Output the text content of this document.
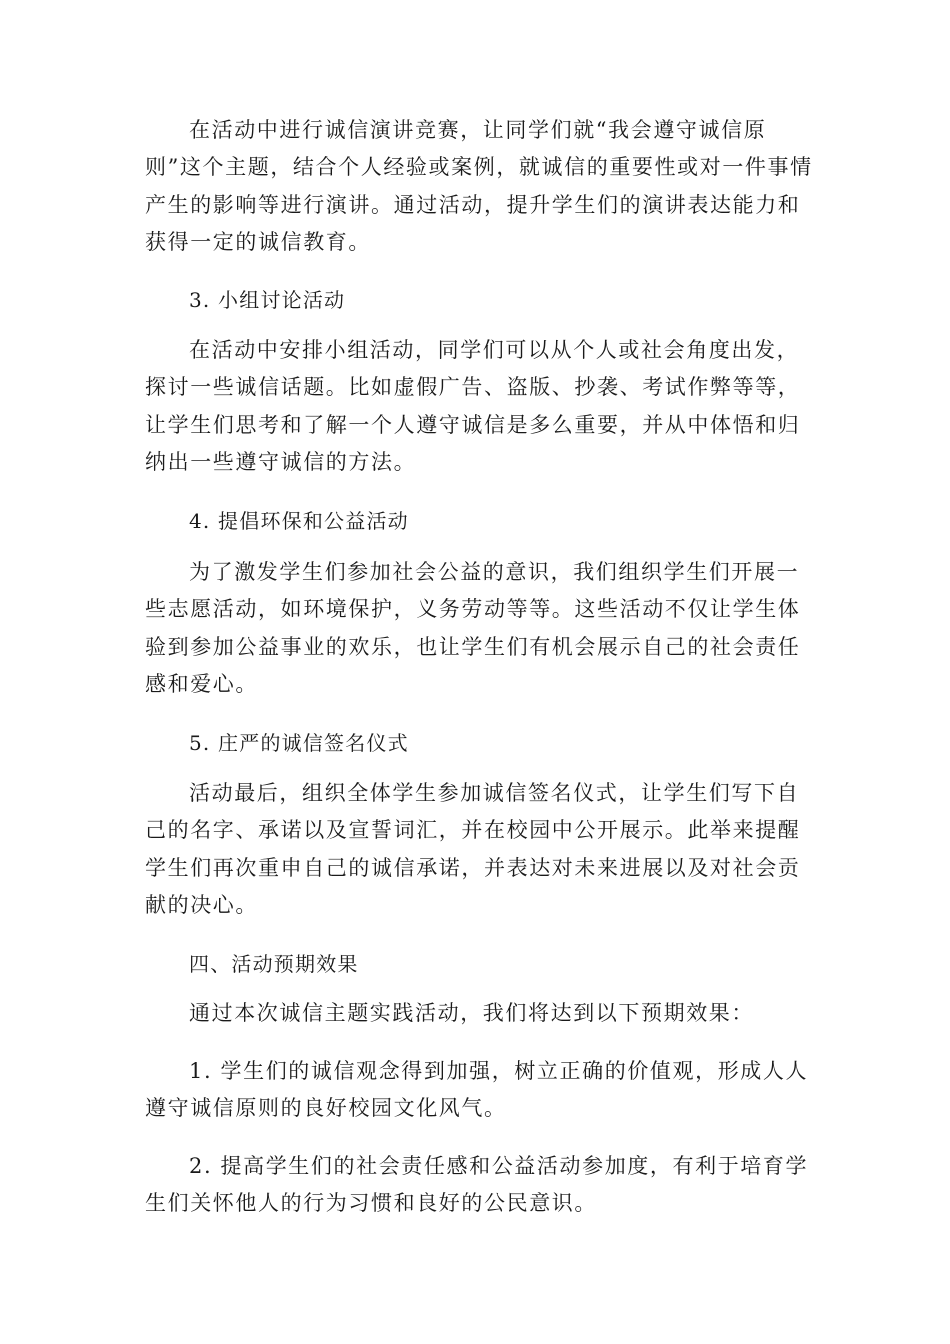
在活动中进行诚信演讲竞赛，让同学们就“我会遵守诚信原则”这个主题，结合个人经验或案例，就诚信的重要性或对一件事情产生的影响等进行演讲。通过活动，提升学生们的演讲表达能力和获得一定的诚信教育。

3. 小组讨论活动

在活动中安排小组活动，同学们可以从个人或社会角度出发，探讨一些诚信话题。比如虚假广告、盗版、抄袭、考试作弊等等，让学生们思考和了解一个人遵守诚信是多么重要，并从中体悟和归纳出一些遵守诚信的方法。

4. 提倡环保和公益活动

为了激发学生们参加社会公益的意识，我们组织学生们开展一些志愿活动，如环境保护，义务劳动等等。这些活动不仅让学生体验到参加公益事业的欢乐，也让学生们有机会展示自己的社会责任感和爱心。

5. 庄严的诚信签名仪式

活动最后，组织全体学生参加诚信签名仪式，让学生们写下自己的名字、承诺以及宣誓词汇，并在校园中公开展示。此举来提醒学生们再次重申自己的诚信承诺，并表达对未来进展以及对社会贡献的决心。

四、活动预期效果

通过本次诚信主题实践活动，我们将达到以下预期效果：

1. 学生们的诚信观念得到加强，树立正确的价值观，形成人人遵守诚信原则的良好校园文化风气。

2. 提高学生们的社会责任感和公益活动参加度，有利于培育学生们关怀他人的行为习惯和良好的公民意识。
